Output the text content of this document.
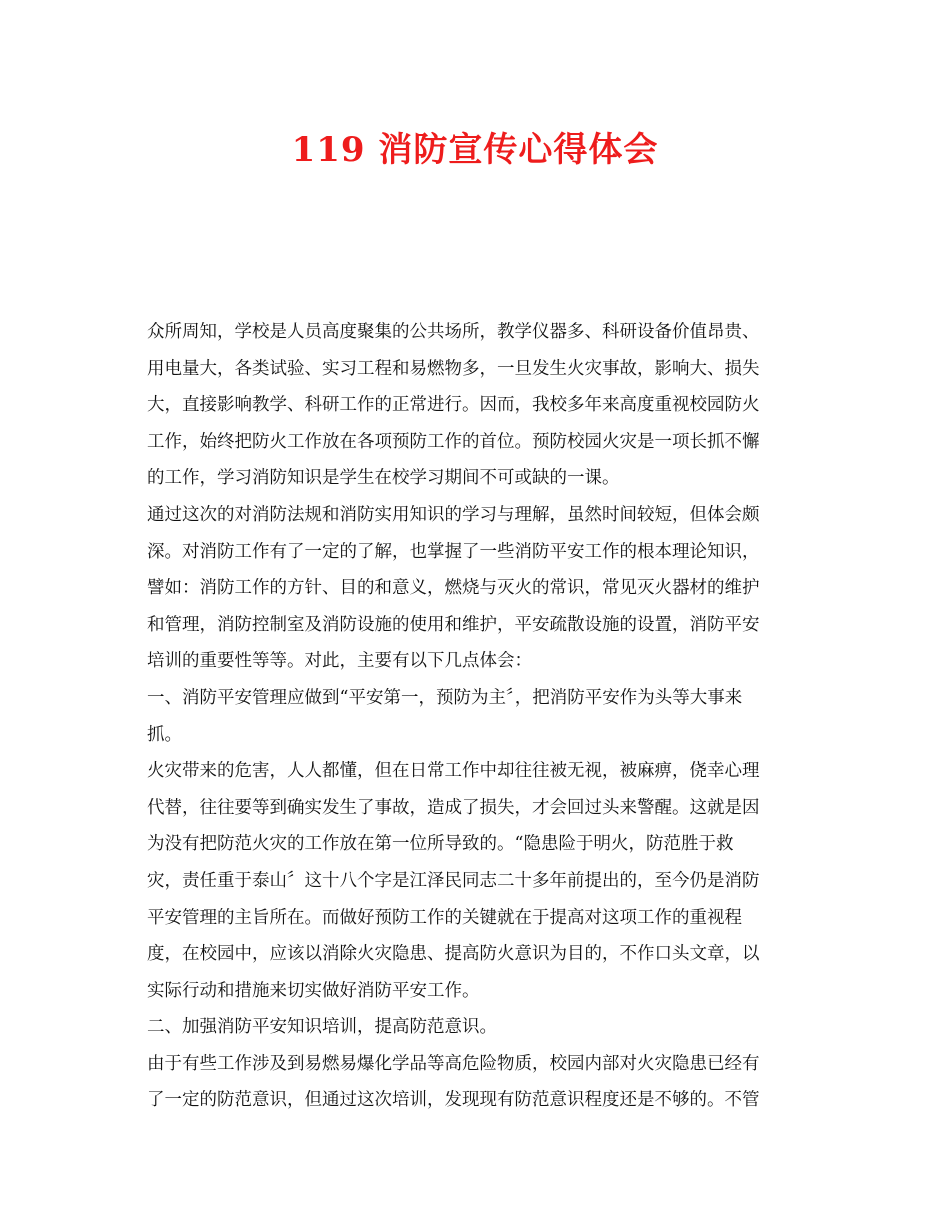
119 消防宣传心得体会
众所周知，学校是人员高度聚集的公共场所，教学仪器多、科研设备价值昂贵、
用电量大，各类试验、实习工程和易燃物多，一旦发生火灾事故，影响大、损失
大，直接影响教学、科研工作的正常进行。因而，我校多年来高度重视校园防火
工作，始终把防火工作放在各项预防工作的首位。预防校园火灾是一项长抓不懈
的工作，学习消防知识是学生在校学习期间不可或缺的一课。
通过这次的对消防法规和消防实用知识的学习与理解，虽然时间较短，但体会颇
深。对消防工作有了一定的了解，也掌握了一些消防平安工作的根本理论知识，
譬如：消防工作的方针、目的和意义，燃烧与灭火的常识，常见灭火器材的维护
和管理，消防控制室及消防设施的使用和维护，平安疏散设施的设置，消防平安
培训的重要性等等。对此，主要有以下几点体会：
一、消防平安管理应做到“平安第一，预防为主〞，把消防平安作为头等大事来
抓。
火灾带来的危害，人人都懂，但在日常工作中却往往被无视，被麻痹，侥幸心理
代替，往往要等到确实发生了事故，造成了损失，才会回过头来警醒。这就是因
为没有把防范火灾的工作放在第一位所导致的。“隐患险于明火，防范胜于救
灾，责任重于泰山〞这十八个字是江泽民同志二十多年前提出的，至今仍是消防
平安管理的主旨所在。而做好预防工作的关键就在于提高对这项工作的重视程
度，在校园中，应该以消除火灾隐患、提高防火意识为目的，不作口头文章，以
实际行动和措施来切实做好消防平安工作。
二、加强消防平安知识培训，提高防范意识。
由于有些工作涉及到易燃易爆化学品等高危险物质，校园内部对火灾隐患已经有
了一定的防范意识，但通过这次培训，发现现有防范意识程度还是不够的。不管
